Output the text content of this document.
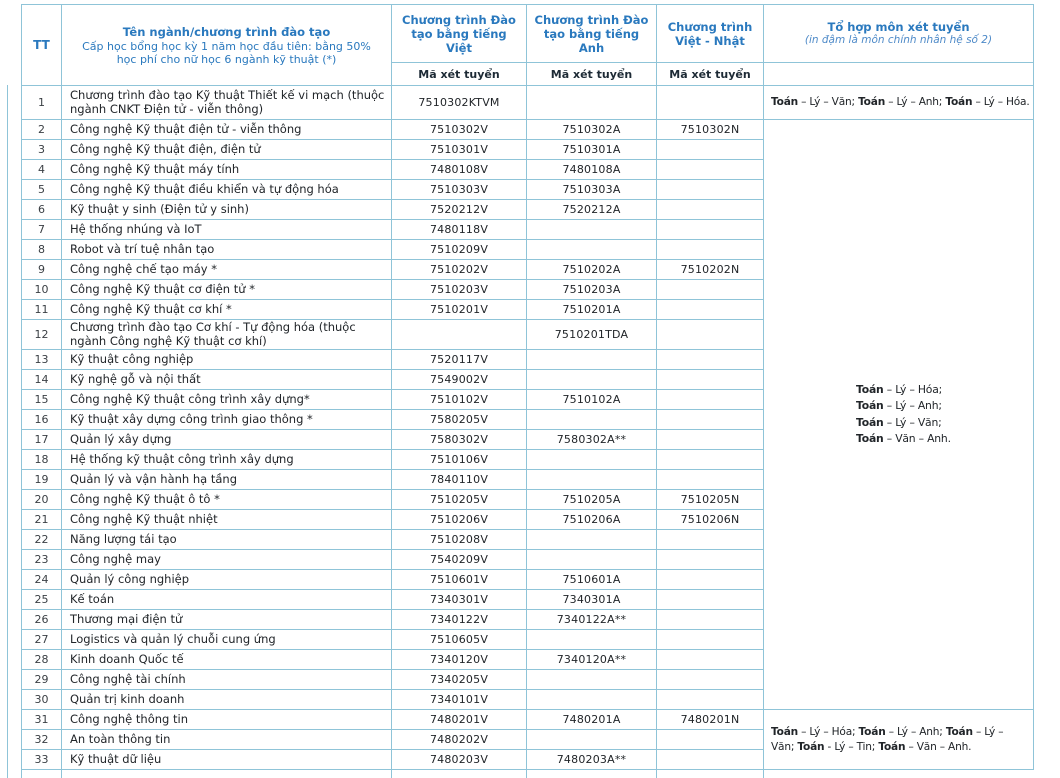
TT	
Tên ngành/chương trình đào tạo
Cấp học bổng học kỳ 1 năm học đầu tiên: bằng 50% học phí cho nữ học 6 ngành kỹ thuật (*)
	Chương trình Đào tạo bằng tiếng Việt	Chương trình Đào tạo bằng tiếng Anh	Chương trình Việt - Nhật	
Tổ hợp môn xét tuyển
(in đậm là môn chính nhân hệ số 2)

		Mã xét tuyển	Mã xét tuyển	Mã xét tuyển	
1	Chương trình đào tạo Kỹ thuật Thiết kế vi mạch (thuộc ngành CNKT Điện tử - viễn thông)	7510302KTVM			Toán – Lý – Văn; Toán – Lý – Anh; Toán – Lý – Hóa.
2	Công nghệ Kỹ thuật điện tử - viễn thông	7510302V	7510302A	7510302N	Toán – Lý – Hóa;
Toán – Lý – Anh;
Toán – Lý – Văn;
Toán – Văn – Anh.
3	Công nghệ Kỹ thuật điện, điện tử	7510301V	7510301A		
4	Công nghệ Kỹ thuật máy tính	7480108V	7480108A		
5	Công nghệ Kỹ thuật điều khiển và tự động hóa	7510303V	7510303A		
6	Kỹ thuật y sinh (Điện tử y sinh)	7520212V	7520212A		
7	Hệ thống nhúng và IoT	7480118V			
8	Robot và trí tuệ nhân tạo	7510209V			
9	Công nghệ chế tạo máy *	7510202V	7510202A	7510202N	
10	Công nghệ Kỹ thuật cơ điện tử *	7510203V	7510203A		
11	Công nghệ Kỹ thuật cơ khí *	7510201V	7510201A		
12	Chương trình đào tạo Cơ khí - Tự động hóa (thuộc ngành Công nghệ Kỹ thuật cơ khí)		7510201TDA		
13	Kỹ thuật công nghiệp	7520117V			
14	Kỹ nghệ gỗ và nội thất	7549002V			
15	Công nghệ Kỹ thuật công trình xây dựng*	7510102V	7510102A		
16	Kỹ thuật xây dựng công trình giao thông *	7580205V			
17	Quản lý xây dựng	7580302V	7580302A**		
18	Hệ thống kỹ thuật công trình xây dựng	7510106V			
19	Quản lý và vận hành hạ tầng	7840110V			
20	Công nghệ Kỹ thuật ô tô *	7510205V	7510205A	7510205N	
21	Công nghệ Kỹ thuật nhiệt	7510206V	7510206A	7510206N	
22	Năng lượng tái tạo	7510208V			
23	Công nghệ may	7540209V			
24	Quản lý công nghiệp	7510601V	7510601A		
25	Kế toán	7340301V	7340301A		
26	Thương mại điện tử	7340122V	7340122A**		
27	Logistics và quản lý chuỗi cung ứng	7510605V			
28	Kinh doanh Quốc tế	7340120V	7340120A**		
29	Công nghệ tài chính	7340205V			
30	Quản trị kinh doanh	7340101V			
31	Công nghệ thông tin	7480201V	7480201A	7480201N	Toán – Lý – Hóa; Toán – Lý – Anh; Toán – Lý – Văn; Toán - Lý – Tin; Toán – Văn – Anh.
32	An toàn thông tin	7480202V			
33	Kỹ thuật dữ liệu	7480203V	7480203A**		
